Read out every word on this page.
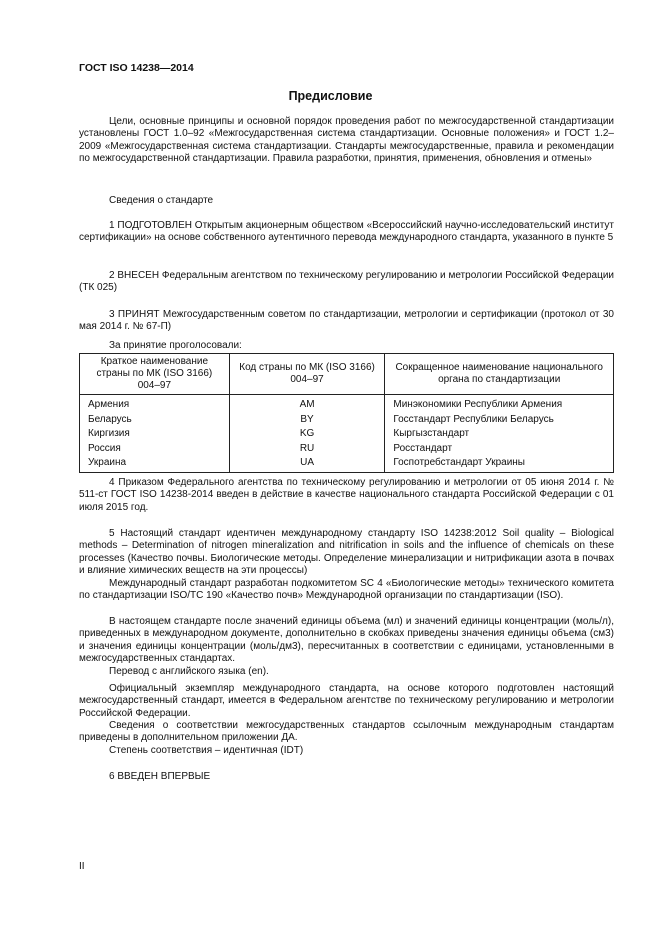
ГОСТ ISO 14238—2014
Предисловие

Цели, основные принципы и основной порядок проведения работ по межгосударственной стандартизации установлены ГОСТ 1.0–92 «Межгосударственная система стандартизации. Основные положения» и ГОСТ 1.2–2009 «Межгосударственная система стандартизации. Стандарты межгосударственные, правила и рекомендации по межгосударственной стандартизации. Правила разработки, принятия, применения, обновления и отмены»

Сведения о стандарте

1 ПОДГОТОВЛЕН Открытым акционерным обществом «Всероссийский научно-исследовательский институт сертификации» на основе собственного аутентичного перевода международного стандарта, указанного в пункте 5

2 ВНЕСЕН Федеральным агентством по техническому регулированию и метрологии Российской Федерации (ТК 025)

3 ПРИНЯТ Межгосударственным советом по стандартизации, метрологии и сертификации (протокол от 30 мая 2014 г. № 67-П)

За принятие проголосовали:

Краткое наименование страны по МК (ISO 3166) 004–97	Код страны по МК (ISO 3166) 004–97	Сокращенное наименование национального органа по стандартизации
Армения	AM	Минэкономики Республики Армения
Беларусь	BY	Госстандарт Республики Беларусь
Киргизия	KG	Кыргызстандарт
Россия	RU	Росстандарт
Украина	UA	Госпотребстандарт Украины

4 Приказом Федерального агентства по техническому регулированию и метрологии от 05 июня 2014 г. № 511-ст ГОСТ ISO 14238-2014 введен в действие в качестве национального стандарта Российской Федерации с 01 июля 2015 год.

5 Настоящий стандарт идентичен международному стандарту ISO 14238:2012 Soil quality – Biological methods – Determination of nitrogen mineralization and nitrification in soils and the influence of chemicals on these processes (Качество почвы. Биологические методы. Определение минерализации и нитрификации азота в почвах и влияние химических веществ на эти процессы)

Международный стандарт разработан подкомитетом SC 4 «Биологические методы» технического комитета по стандартизации ISO/TC 190 «Качество почв» Международной организации по стандартизации (ISO).

В настоящем стандарте после значений единицы объема (мл) и значений единицы концентрации (моль/л), приведенных в международном документе, дополнительно в скобках приведены значения единицы объема (см3) и значения единицы концентрации (моль/дм3), пересчитанных в соответствии с единицами, установленными в межгосударственных стандартах.

Перевод с английского языка (en).

Официальный экземпляр международного стандарта, на основе которого подготовлен настоящий межгосударственный стандарт, имеется в Федеральном агентстве по техническому регулированию и метрологии Российской Федерации.

Сведения о соответствии межгосударственных стандартов ссылочным международным стандартам приведены в дополнительном приложении ДА.

Степень соответствия – идентичная (IDT)

6 ВВЕДЕН ВПЕРВЫЕ

II
